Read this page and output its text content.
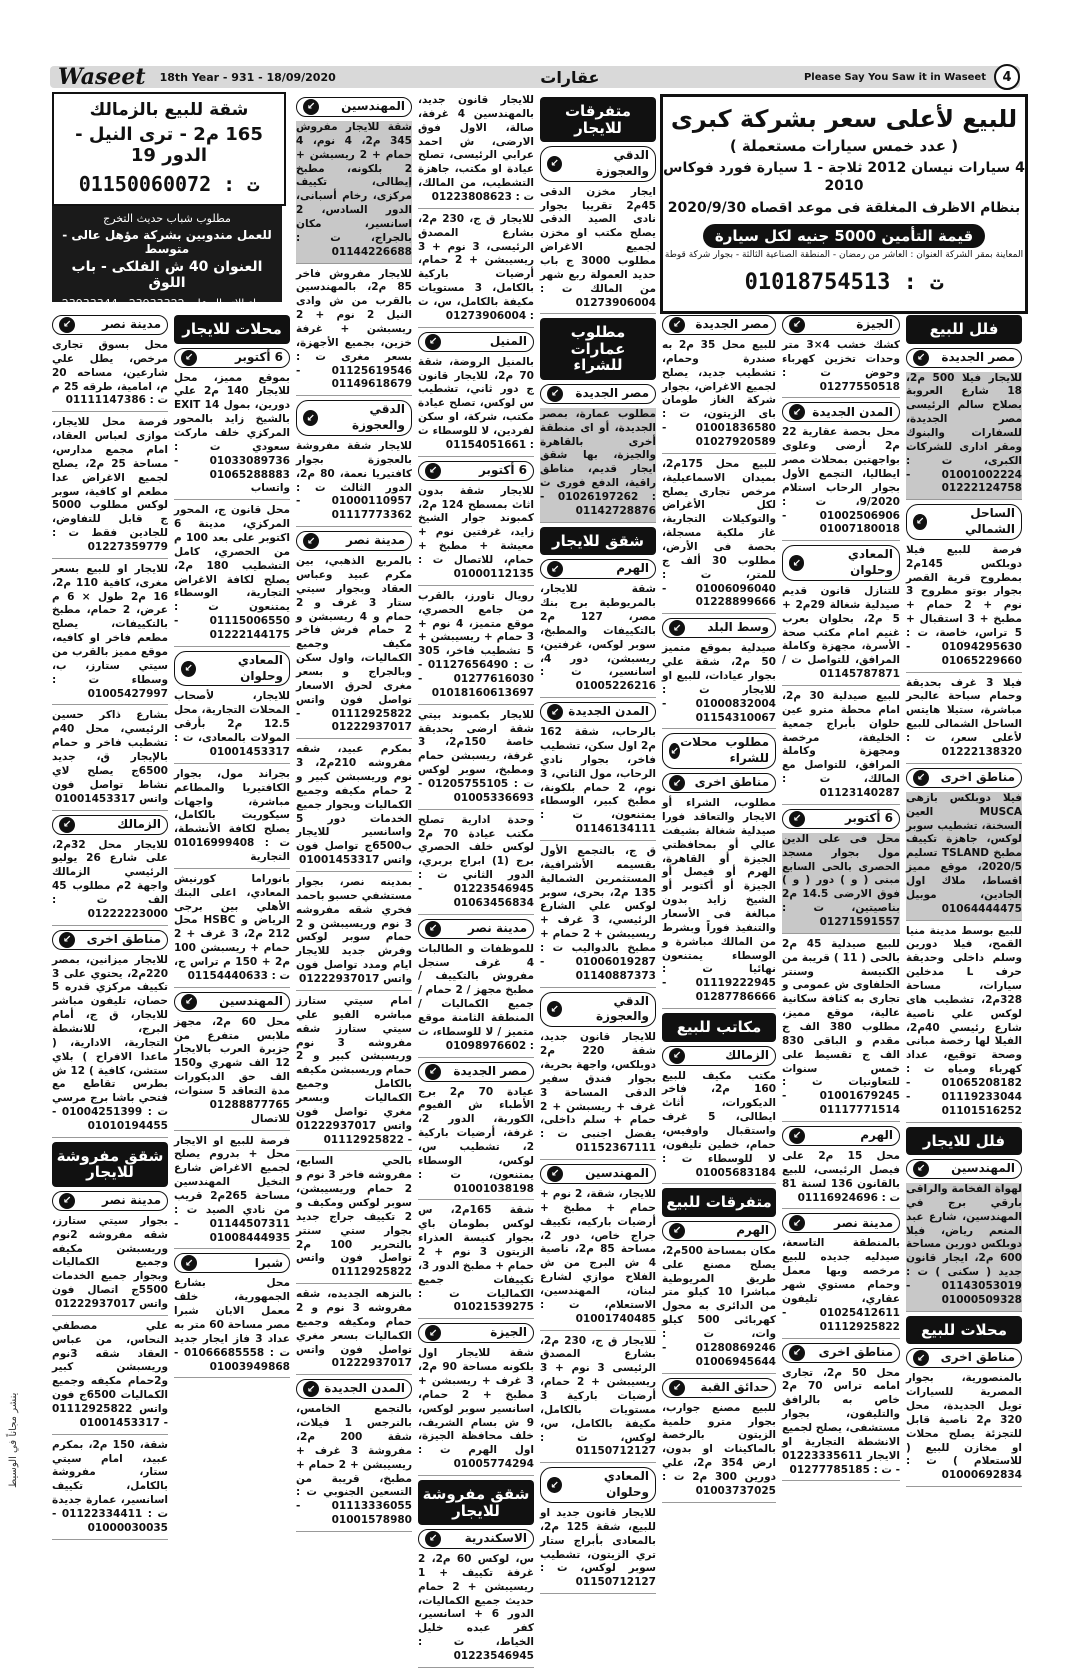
Waseet	18th Year - 931 - 18/09/2020	عقارات	Please Say You Saw it in Waseet	4
للبيع لأعلى سعر بشركة كبرى
( عدد خمس سيارات مستعملة )
4 سيارات نيسان 2012 ثلاجة - 1 سيارة فورد فوكاس 2010
بنظام الاظرف المغلقة فى موعد اقصاه 2020/9/30
قيمة التأمين 5000 جنيه لكل سيارة
المعاينة بمقر الشركة العنوان : العاشر من رمضان - المنطقة الصناعية الثالثة - بجوار شركة قوطة
ت : 01018754513
شقة للبيع بالزمالك
165 م2 - ترى النيل - الدور 19
ت : 01150060072
مطلوب شباب حديث التخرج
للعمل مندوبين بشركة مؤهل عالى - متوسط
العنوان 40 ش الفلكى - باب اللوق
برجاء الاتصال على 23933322 - 23933344
فلل للبيع
مصر الجديدة
↙

للايجار فيلا 500 م2، 18 شارع العروبة بصلاح سالم الرئيسى مصر الجديدة، للسفارات والبنوك ومقر ادارى للشركات الكبرى، ت : 01001002224 - 01222124758

الساحل الشمالي
↙

فرصة للبيع فيلا دوبلكس 145م2 بمطروح قرية القصر بجوار بوتو مطروح 3 نوم + 2 حمام + مطبخ + 3 استقبال + 5 تراس، خاصة، ت : 01094295630 - 01065229660

فيلا 3 غرف بحديقة وحمام سباحة عالبحر مباشرة، ستيلا هايتس الساحل الشمالى للبيع لأعلى سعر، ت : 01222138320

مناطق اخرى
↙

فيلا دوبلكس بازهى MUSCA العين السخنة، تشطيب سوبر لوكس، جاهزة تكييف مطبخ TSLAND تسليم 2020/5، موقع مميز اقساط، ملاك اول الجادين، موبيل 01064444475

للبيع بوسط مدينة منيا القمح، فيلا دورين وسلم داخلى وحديقة حرف L مدخلين سيارات، مساحة 328م2، تشطيب هاى لوكس علي ناصية شارع رئيسي 40م2، الفيلا لها رخصة مبانى وصحة توقيع، عداد كهرباء ومياه ت : 01065208182 - 01119233044 - 01101516252

فلل للايجار
المهندسين
↙

لهواة الفخامة والراقى بارقي برج في المهندسين، شارع عبد المنعم رياض، فيلا دوبلكس دورين مساحة 600 م2، ايجار قانون جديد ( سكنى ) ت : 01143053019 - 01000509328

محلات للبيع
مناطق اخرى
↙

بالمنصورية، بجوار المصرية للسيارات تويل الجديدة، محل 320 م2 ناصية قابل للتجزئة يصلح محلات او مخازن للبيع ( للاستعلام ) ت : 01000692834

الجيزة
↙

كشك خشب 4×3 متر وحدات تخزين كهرباء وحوض ت : 01277550518

المدن الجديدة
↙

محل بحصة عقارية 22 م2 أرضى وعلوى بواجهتين بمحلات مصر ايطاليا، التجمع الأول بجوار الرحاب استلام 9/2020، ت : 01002506906 - 01007180018

المعادي وحلوان
↙

للتنازل قانون قديم صيدلية شغالة 29م2 + 5 م2، بحلوان بعرب غنيم امام مكتب صحة الأسرة، مجهزة وكاملة المرافق، للتواصل ت / 01145787871

للبيع صيدلية 30 م2، امام محطة مترو عين حلوان بأبراج جمعية الخليفة، مرخصة ومجهزة وكاملة المرافق، للتواصل مع المالك، ت : 01123140287

6 أكتوبر
↙

محل فى على الدين مول بجوار مسجد الحصرى بالحى السابع مبنى ( و ) دور ( و ) فوق الارضى 14.5 م2 بناصيتين، ت : 01271591557

للبيع صيدلية 45 م2 بالحى ( 11 ) قريبة من الكنيسة وسنتر الحلفاوى ش عمومى و تجارى به كثافة سكانية عالية، موقع مميز، مطلوب 380 الف ج مقدم و الباقى 830 الف ج تقسيط على خمس سنوات للتعاونيات ت : 01001679245 - 01117771514

الهرم
↙

محل 15 م2 على فيصل الرئيسى، للبيع بالقانون 136 لسنة 81 ت : 01116924696

مدينة نصر
↙

بالمنطقة التاسعة، صيدليه جديده للبيع مرخصه وبها معمل وحمام مستوي شهر عقاري، تليفون 01025412611 - 01112925822

مناطق اخرى
↙

محل 50 م2، تجارى امامه تراس 70 م2 خاص به بالرافق والتليفون، بجوار مستشفى، يصلح لجميع الانشطة التجارية او الايجار 01223335611 - ت : 01277785185

مصر الجديدة
↙

للبيع محل 35 م2 به صندرة وحمام، تشطيب جديد، يصلح لجميع الاغراض، بجوار شركة الغاز طومان باى الزيتون، ت : 01001836580 - 01027920589

للبيع محل 175م2، بميدان الاسماعيلية، مرخص تجارى يصلح لكل الأغراض والتوكيلات التجارية، غاز ملكية مسجلة، بحصة فى الأرض، مطلوب 30 ألف ج للمتر، ت : 01006096040 - 01228899666

وسط البلد
↙

صيدلية بموقع متميز 50 م2، شقة علي بجوار عيادات، للبيع او للايجار ت : 01000832004 - 01154310067

مطلوب محلات للشراء
↙
مناطق اخرى
↙

مطلوب، الشراء أو الايجار والتعاقد فورا صيدلية شغالة بشيفت عالي أو بمحافظتي الجيزة أو القاهرة، الهرم أو فيصل أو الجيزة أو أكتوبر أو الشيخ زايد بدون مبالغة فى الأسعار والتنفيذ فوراً وبشرط من المالك مباشرة و الوسطاء يمتنعون نهائيا ت : 01119222945 - 01287786666

مكاتب للبيع
الزمالك
↙

مكتب مكيف للبيع 160 م2، فاخر الديكورات، أثاث ايطالى، 5 غرف واستقبال واوفيس، حمام، خطين تليفون، لا للوسطاء ت : 01005683184

متفرقات للبيع
الهرم
↙

مكان بمساحة 500م2، يصلح مصنع على طريق المريوطية مباشرا 10 كيلو متر من الدائرى به محول كهربائى 500 كيلو وات، ت : 01280869246 - 01006945644

حدائق القبة
↙

للبيع مصنع جوارب، بجوار مترو حلمية الزيتون بالرخصة بالماكينات او بدون، ارض 354 م2، علي دورين 300 م2 ت : 01003737025

متفرقات للايجار
الدقي والعجوزة
↙

ايجار مخزن الدقى 45م2 تقريبا بجوار نادى الصيد الدقى يصلح مكتب او مخزن لجميع الاغراض مطلوب 3000 ج باب حديد العمولة ربع شهر من المالك ت : 01273906004

مطلوب عمارات للشراء
مصر الجديدة
↙

مطلوب عمارة، بمصر الجديدة، أو اى منطقة أخرى بالقاهرة والجيزة، بها شقق ايجار قديم، مناطق راقية، الدفع فورى ت : 01026197262 - 01142728876

شقق للايجار
الهرم
↙

شقة للايجار، بالمريوطية برج بنك مصر، 127 م2 بالتكييفات والمطبخ، سوبر لوكس، غرفتين، ريسبشن، دور 4، اسانسير، ت : 01005226216

المدن الجديدة
↙

بالرحاب، شقة 162 م2 اول سكن، تشطيب فاخر، بجوار نادي الرحاب، مول الثاني، 3 نوم، 2 حمام بلكونة، مطبخ كبير، الوسطاء يمتنعون، ت : 01146134111

ق ج، بالتجمع الأول بقسيمه الأشرافية، المستثمرين الشمالية 135 م2، بحرى، سوبر لوكس علي الشارع الرئيسي، 3 غرف + ريسيبشن + 2 حمام + مطبخ بالدواليب ت : 01006019287 - 01140887373

الدقي والعجوزة
↙

للايجار قانون جديد، شقة 220 م2 دوبلكس، واجهة بحرية، بجوار فندق سفير الدقى المساحة 3 غرف + ريسبشن + 2 حمام + سلم داخلى، يفضل اجنبى ت : 01152367111

المهندسين
↙

للايجار، شقة، 2 نوم + حمام + مطبخ + أرضيات باركيه، تكييف جراج خاص، دور 2، مساحة 85 م2، ناصية 4 ش البرج من ش الفلاح موازي لشارع لبنان، المهندسين، الاستعلام، ت : 01001740485

للايجار ق ج، 230 م2، بشارع المصدق الرئيسى 3 نوم + 3 ريسيبشن + 2 حمام، أرضيات باركية 3 مستويات بالكامل، مكيفة بالكامل، س، لوكس، ت : 01150712127

المعادي وحلوان
↙

للايجار قانون جديد او للبيع، شقة 125 م2، بالمعادى بأبراج ستار تري الزيتون، تشطيب سوبر لوكس، ت : 01150712127

للايجار قانون جديد، بالمهندسين 4 غرفة، صالة، الاول فوق الارضى، ش احمد عرابي الرئيسى، تصلح عيادة او مكتب، جاهزة التشطيب، من المالك، ت : 01223808623

للايجار ق ج، 230 م2، بشارع المصدق الرئيسى، 3 نوم + 3 ريسيبشن + 2 حمام، أرضيات باركية بالكامل، 3 مستويات مكيفة بالكامل، س، ت : 01273906004

المنيل
↙

بالمنيل الروضة، شقة 70 م2، للايجار قانون ج دور ثاني، تشطيب س لوكس، تصلح عيادة مكتب، شركة، او سكن لفردين، لا للوسطاء ت : 01154051661

6 أكتوبر
↙

للايجار شقة بدون اثاث بمسطح 124 م2، كمبوند جوار الشيخ زايد، غرفتين نوم + معيشة + مطبخ + حمام، للاتصال ت : 01000112135

رويال تاورز، بالقرب من جامع الحصري، موقع متميز، 4 نوم + 3 حمام + ريسيبشن + 5 تشطيب فاخر، 305 ت : 01127656490 - 01277616030 - 01018160613697

للايجار بكمبوند بيتي شقة ارضى بحديقة خاصة 150م2، 3 غرفة، ريسبشن حمام ومطبخ، سوبر لوكس ت : 01205755105 - 01005336693

وحدة ادارية تصلح مكتب عيادة 70 م2 لوكس خلف الحصري برج (1) ابراج بربري، الدور الثاني ت : 01223546945 - 01063456834

مدينة نصر
↙

للموظفات و الطالبات 4 غرف سنجل مفروش بالتكييف / مطبخ مجهز / 2 حمام / جميع الكماليات / المنطقة الثامنة موقع متميز / لا للوسطاء، ت : 01098976602

مصر الجديدة
↙

عيادة 70 م2 برج الأطباء ش الفيوم الكوربة، الدور 2، غرفة، أرضيات باركية 2، تشطيب س، لوكس، الوسطاء يمتنعون، ت : 01001038198

شقة 165م2، س لوكس بطومان باي بجوار كنيسة العذراء الزيتون 3 نوم + 2 حمام + مطبخ الدور 3، تكييفات جميع الكماليات ت : 01021539275

الجيزة
↙

شقة للايجار اول بلكونه مساحة 90 م2، 3 غرف + ريسبشن + مطبخ + 2 حمام، اسانسير سوبر لوكس، 9 ش بسام الشريف، خلف محافظة الجيزة، اول الهرم ت : 01005774294

شقق مفروشة للايجار
الاسكندرية
↙

س، لوكس 60 م2، 2 غرفة تكييف + 1 ريسيبشن + 2 حمام حديث جميع الكماليات، الدور 6 + اسانسير، كفر عبده خليل الخياط، ت : 01223546945

المهندسين
↙

شقة للايجار مفروش 345 م2، 4 نوم، 4 حمام + 2 ريسبشن + 2 بلكونه، مطبخ إيطالى، تكييف مركزى، رخام أسبانى، الدور السادس، 2 اسانسير، مكان بالجراج، ت : 01144226688

للايجار مفروش فاخر 85 م2، بالمهندسين بالقرب من ش وادى النيل 2 نوم + 2 ريسبشن + غرفة خزين، بجميع الأجهزة، بسعر مغرى ت : 01125619546 - 01149618679

الدقي والعجوزة
↙

للايجار شقة مفروشة بالعجوزة بجوار كافتيريا نعمة، 80 م2، الدور الثالث ت : 01000110957 - 01117773362

مدينة نصر
↙

بالمربع الذهبي، بين مكرم عبيد وعباس العقاد وبجوار سيتي ستار 3 غرف و 2 حمام و 4 ريسبشن و 2 حمام فرش فاخر مكيف وجميع الكماليات، واول سكن وبالجراج و بسعر مغرى لحرق الاسعار تواصل فون واتس 01112925822 - 01222937017

بمكرم عبيد، شقه مفروشه 210م2، 3 نوم وريسبشن كبير و 2 حمام مكيفه وجميع الكماليات وبجوار جميع الخدمات دور 5 واسانسير للايجار ب6500ج تواصل فون واتس 01001453317

بمدينه نصر، بجوار مستشفي حسبو باحمد فخري شقه مفروشه 3 نوم وريسيبشن و 2 حمام سوبر لوكس وفرش جديد للايجار ايام ومدد تواصل فون واتس 01222937017

امام سيتي ستارز مباشره الفيو علي سيتي ستارز شقه مفروشه 3 نوم وريسبشن كبير و 2 حمام وريسبشن مكيفه بالكامل وجميع الكماليات وبسعر مغري تواصل فون واتس 01222937017 - 01112925822

بالحي السابع، مفروشه فاخر 3 نوم و 2 حمام وريسيبشن، سوبر لوكس ومكيف و 2 تكييف جراج جديد بجوار ستي سنتر بالتحرير 100 م2 تواصل فون واتس 01112925822

بالنزهه الجديده، شقه مفروشه 3 نوم و 2 حمام ومكيفه وجميع الكماليات بسعر مغري تواصل فون واتس 01222937017

المدن الجديدة
↙

بالتجمع الخامس، بالنرجس 1 فيلات، شقة 200 م2، مفروشة 3 غرف + ريسيبشن + 2 حمام + مطبخ، قريبة من التسعين الجنوبي ت : 01113336055 - 01001578980

محلات للايجار
6 أكتوبر
↙

بموقع مميز، محل للايجار 140 م2 علي دورين، بمول EXIT 14 بالشيخ زايد بالمحور المركزي خلف ماركت سعودي ت : 01033089736 - 01065288883 واتساب

محل قانون ج، المحور المركزي، مدينة 6 اكتوبر على بعد 100 م من الحصري، كامل التشطيب 180 م2، يصلح لكافة الاغراض التجارية، الوسطاء يمتنعون ت : 01115006550 - 01222144175

المعادي وحلوان
↙

للايجار، لأصحاب المحلات التجارية، محل 12.5 م2 بأرقى المولات بالمعادى، ت : 01001453317

بجراند مول، بجوار الكافتيريا والمطاعم مباشرة، واجهات سيكوريت بالكامل، يصلح لكافة الأنشطة، ت : 01016999408 التجارية

بانوراما كورنيش المعادي، اعلى البنك الأهلي بين برجى الرياض و HSBC محل 212 م2، 3 غرف + 2 حمام + ريسبشن 100 م2 + 150 م تراس ج، ت : 01154440633

المهندسين
↙

محل 60 م2، مجهز ملابس متفرع من جزيرة العرب بالايجار 12 الف شهري و150 الف حق الديكورات مدة التعاقد 5 سنوات، 01288877765 للاتصال

فرصة للبيع او الايجار محل + بدروم يصلح لجميع الاغراض شارع النخيل المهندسين مساحة 265م2 قريب من نادي الصيد ت : 01144507311 - 01008444935

شبرا
↙

محل بشارع الجمهورية، خلف معمل الابان شبرا مصر مساحة 60 متر به عداد 3 فاز ايجار جديد ت : 01066685558 - 01003949868

مدينة نصر
↙

محل بسوق تجارى مرخص، يطل علي شارعين، مساحه 20 م، امامية، طرقه 25 م ت : 01111147386

فرصة محل للايجار، موازى لعباس العقاد، امام مجمع مدارس، مساحة 25 م2، يصلح لجميع الاغراض عدا مطعم او كافية، سوبر لوكس مطلوب 5000 ج قابل للتفاوض، للجادين فقط ت : 01227359779

للايجار او للبيع بسعر مغرى، كافية 110 م2، 16 م2 طول × 6 م عرض، 2 حمام، مطبخ بالتكييفات، يصلح مطعم فاخر او كافيه، موقع مميز بالقرب من سيتي ستارز، ب، وسطاء ت : 01005427997

بشارع ذاكر حسين الرئيسي، محل 40م تشطيب فاخر و حمام بالإيجار ق، جديد 6500ج يصلح لاي نشاط تواصل فون واتس 01001453317

الزمالك
↙

للايجار محل 32م2، على شارع 26 يوليو الرئيسي الزمالك واجهة 2م مطلوب 45 الف ت : 01222223000

مناطق اخرى
↙

للايجار ميزانين، بمصر 220م2، يحتوي على 3 تكييف مركزي قدره 5 حصان، تليفون مباشر للايجار، ق ج، أمام البرج، للانشطة التجارية، الادارية، ( ماعدا الافراح ) بلاي ستشن، كافية ) 12 ش بطرس تقاطع مع فتحي باشا برج مرسي ت : 01004251399 - 01010194455

شقق مفروشة للايجار
مدينة نصر
↙

بجوار سيتي ستارز، شقه مفروشه 2نوم وريسبشن مكيفه وجميع الكماليات وبجوار جميع الخدمات 5500ج اتصال فون واتس 01222937017

علي مصطفي النحاس، من عباس العقاد شقه 3نوم وريسبشن كبير و2حمام مكيفه وجميع الكماليات 6500ج فون واتس 01112925822 - 01001453317

شقة، 150 م2، بمكرم عبيد، امام سيتي ستار، مفروشة بالكامل، تكييف اسانسير، عمارة جديدة ت : 01122334411 - 01000030035

ينشر مجاناً في الوسيط
